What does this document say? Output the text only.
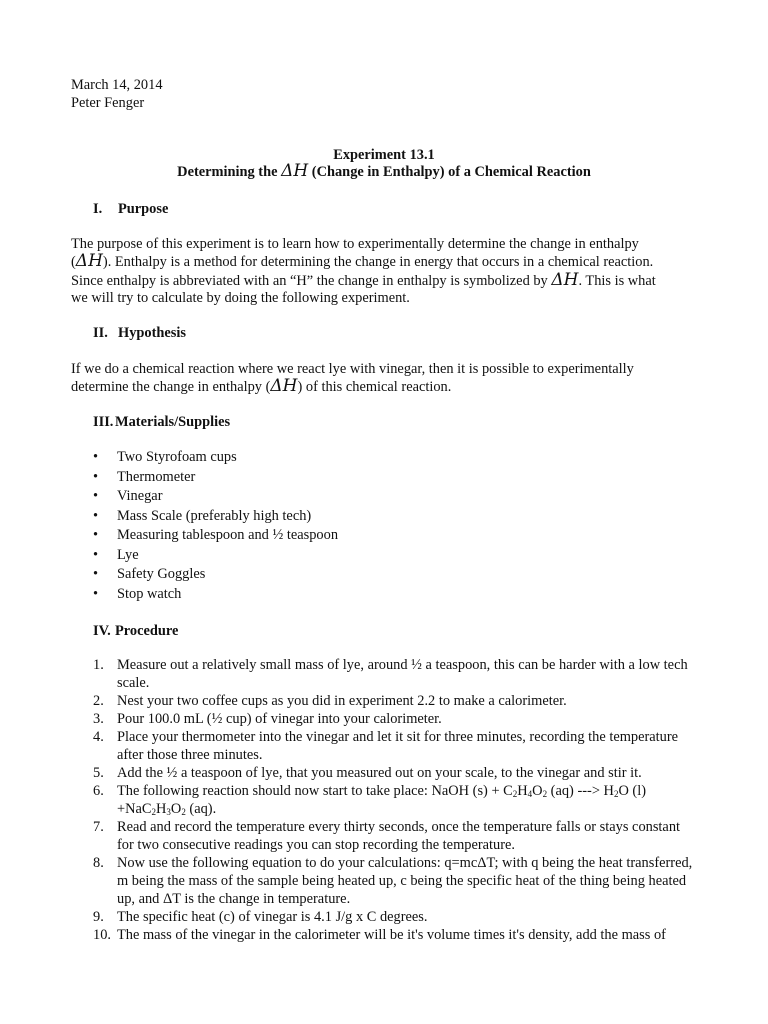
March 14, 2014
Peter Fenger
Experiment 13.1
Determining the ΔH (Change in Enthalpy) of a Chemical Reaction
I. Purpose
The purpose of this experiment is to learn how to experimentally determine the change in enthalpy
(ΔH). Enthalpy is a method for determining the change in energy that occurs in a chemical reaction.
Since enthalpy is abbreviated with an “H” the change in enthalpy is symbolized by ΔH. This is what
we will try to calculate by doing the following experiment.
II. Hypothesis
If we do a chemical reaction where we react lye with vinegar, then it is possible to experimentally
determine the change in enthalpy (ΔH) of this chemical reaction.
III. Materials/Supplies
• Two Styrofoam cups
• Thermometer
• Vinegar
• Mass Scale (preferably high tech)
• Measuring tablespoon and ½ teaspoon
• Lye
• Safety Goggles
• Stop watch
IV. Procedure
1. Measure out a relatively small mass of lye, around ½ a teaspoon, this can be harder with a low tech scale.
2. Nest your two coffee cups as you did in experiment 2.2 to make a calorimeter.
3. Pour 100.0 mL (½ cup) of vinegar into your calorimeter.
4. Place your thermometer into the vinegar and let it sit for three minutes, recording the temperature after those three minutes.
5. Add the ½ a teaspoon of lye, that you measured out on your scale, to the vinegar and stir it.
6. The following reaction should now start to take place: NaOH $(s) + C_2H_4O_2$ (aq) ---> $H_2O$ $(l) +NaC_2H_3O_2$ (aq).
7. Read and record the temperature every thirty seconds, once the temperature falls or stays constant for two consecutive readings you can stop recording the temperature.
8. Now use the following equation to do your calculations: q=mcΔT; with q being the heat transferred, m being the mass of the sample being heated up, c being the specific heat of the thing being heated up, and ΔT is the change in temperature.
9. The specific heat (c) of vinegar is 4.1 J/g x C degrees.
10. The mass of the vinegar in the calorimeter will be it's volume times it's density, add the mass of
